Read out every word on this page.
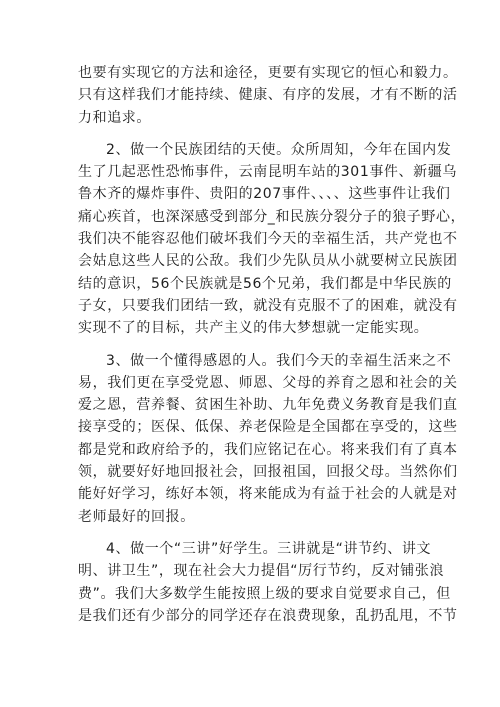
也要有实现它的方法和途径，更要有实现它的恒心和毅力。
只有这样我们才能持续、健康、有序的发展，才有不断的活
力和追求。
2、做一个民族团结的天使。众所周知，今年在国内发
生了几起恶性恐怖事件，云南昆明车站的301事件、新疆乌
鲁木齐的爆炸事件、贵阳的207事件、、、、这些事件让我们
痛心疾首，也深深感受到部分_和民族分裂分子的狼子野心，
我们决不能容忍他们破坏我们今天的幸福生活，共产党也不
会姑息这些人民的公敌。我们少先队员从小就要树立民族团
结的意识，56个民族就是56个兄弟，我们都是中华民族的
子女，只要我们团结一致，就没有克服不了的困难，就没有
实现不了的目标，共产主义的伟大梦想就一定能实现。
3、做一个懂得感恩的人。我们今天的幸福生活来之不
易，我们更在享受党恩、师恩、父母的养育之恩和社会的关
爱之恩，营养餐、贫困生补助、九年免费义务教育是我们直
接享受的；医保、低保、养老保险是全国都在享受的，这些
都是党和政府给予的，我们应铭记在心。将来我们有了真本
领，就要好好地回报社会，回报祖国，回报父母。当然你们
能好好学习，练好本领，将来能成为有益于社会的人就是对
老师最好的回报。
4、做一个“三讲”好学生。三讲就是“讲节约、讲文
明、讲卫生”，现在社会大力提倡“厉行节约，反对铺张浪
费”。我们大多数学生能按照上级的要求自觉要求自己，但
是我们还有少部分的同学还存在浪费现象，乱扔乱甩，不节
